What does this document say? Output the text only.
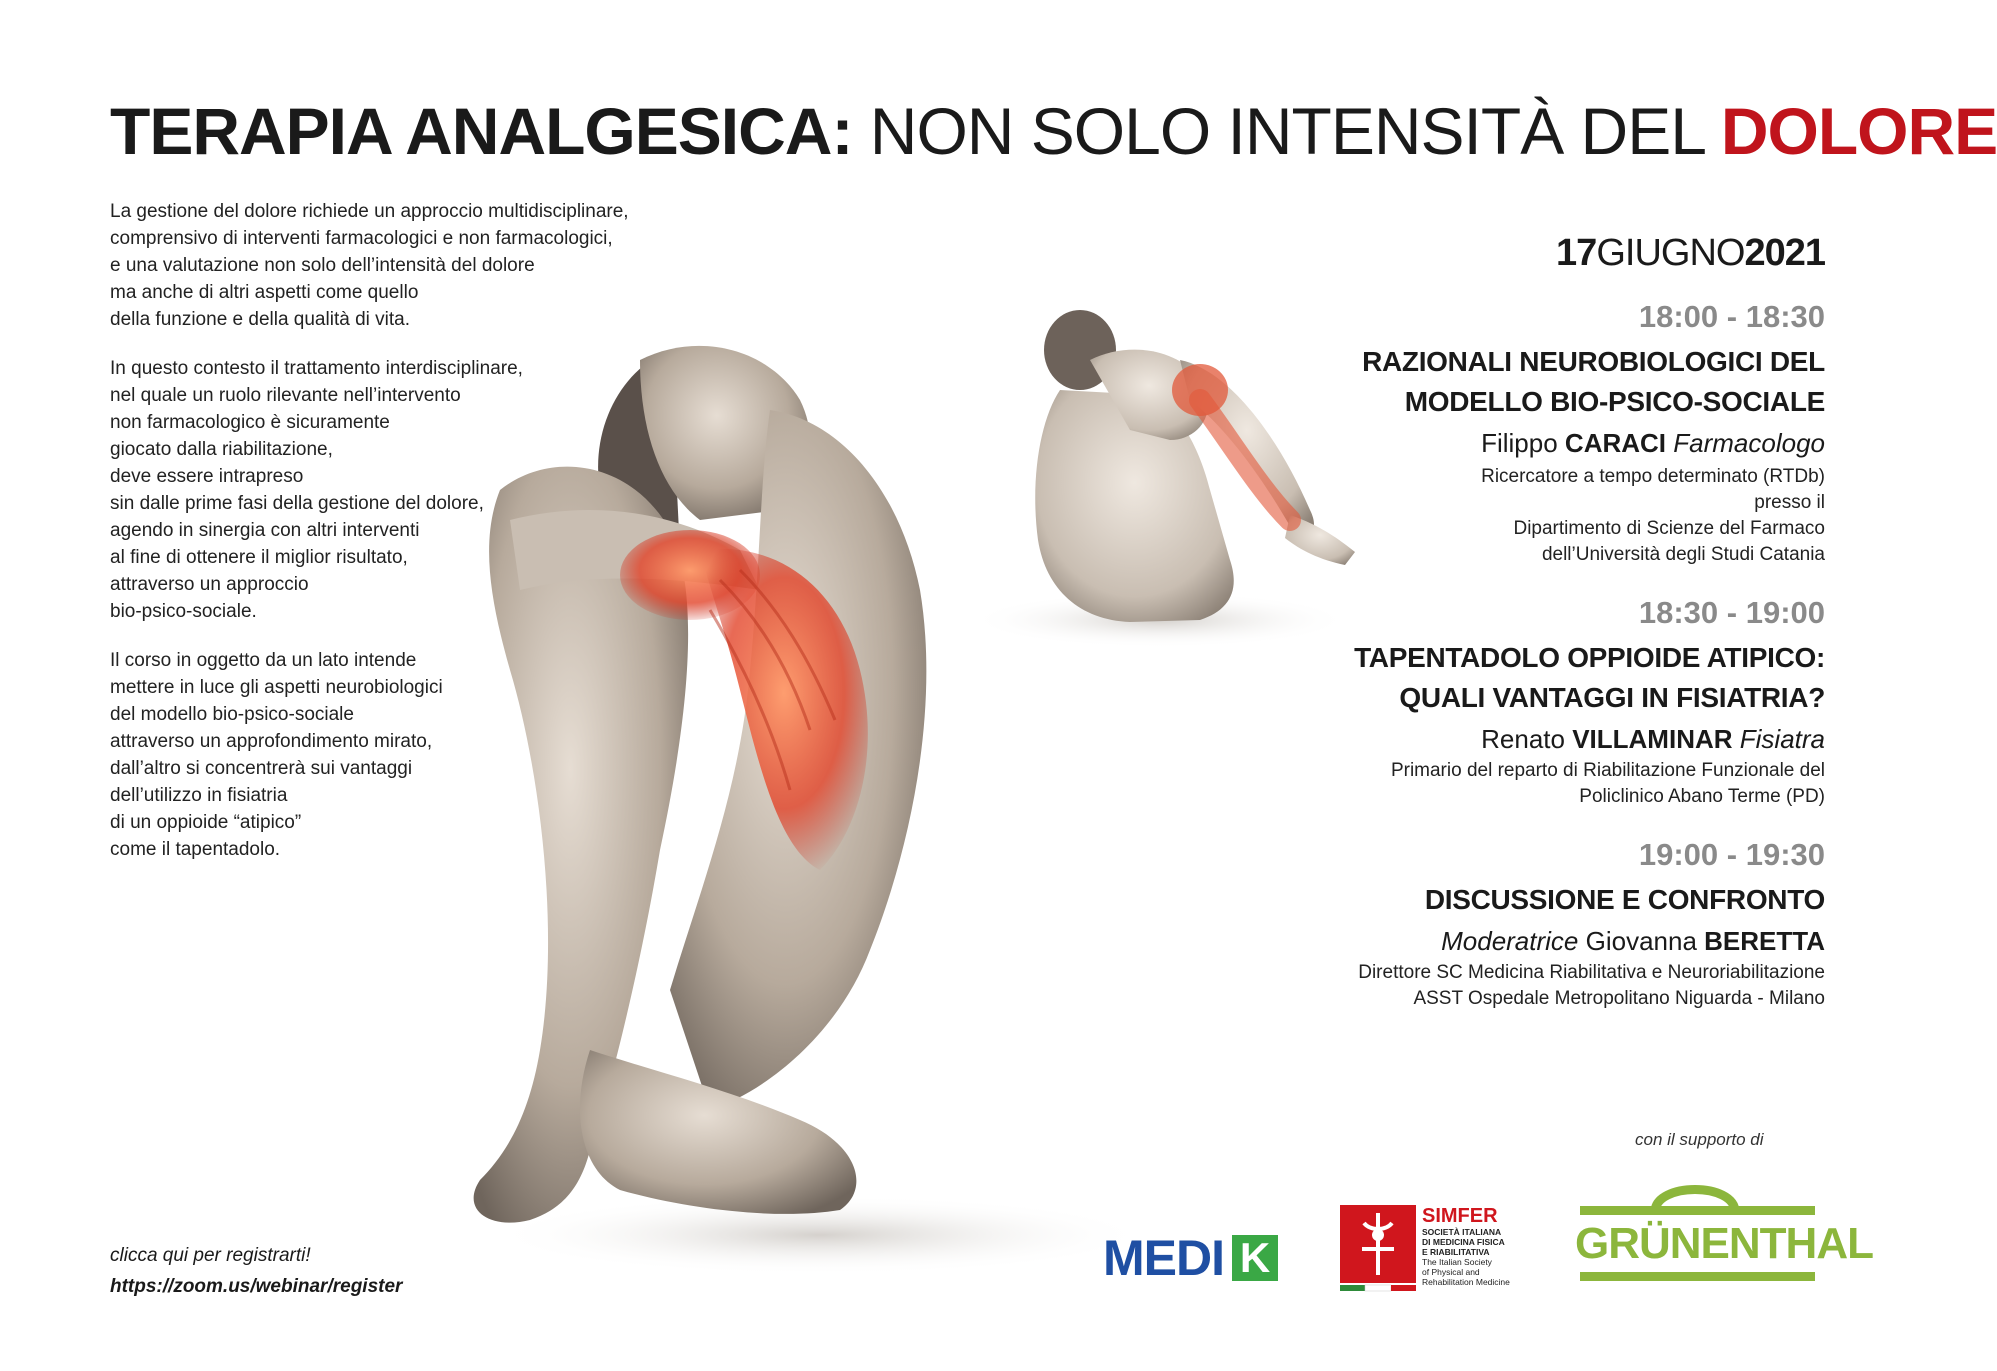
TERAPIA ANALGESICA: NON SOLO INTENSITÀ DEL DOLORE

La gestione del dolore richiede un approccio multidisciplinare,
comprensivo di interventi farmacologici e non farmacologici,
e una valutazione non solo dell’intensità del dolore
ma anche di altri aspetti come quello
della funzione e della qualità di vita.

In questo contesto il trattamento interdisciplinare,
nel quale un ruolo rilevante nell’intervento
non farmacologico è sicuramente
giocato dalla riabilitazione,
deve essere intrapreso
sin dalle prime fasi della gestione del dolore,
agendo in sinergia con altri interventi
al fine di ottenere il miglior risultato,
attraverso un approccio
bio-psico-sociale.

Il corso in oggetto da un lato intende
mettere in luce gli aspetti neurobiologici
del modello bio-psico-sociale
attraverso un approfondimento mirato,
dall’altro si concentrerà sui vantaggi
dell’utilizzo in fisiatria
di un oppioide “atipico”
come il tapentadolo.

17GIUGNO2021
18:00 - 18:30
RAZIONALI NEUROBIOLOGICI DEL
MODELLO BIO-PSICO-SOCIALE
Filippo CARACI Farmacologo
Ricercatore a tempo determinato (RTDb)
presso il
Dipartimento di Scienze del Farmaco
dell’Università degli Studi Catania
18:30 - 19:00
TAPENTADOLO OPPIOIDE ATIPICO:
QUALI VANTAGGI IN FISIATRIA?
Renato VILLAMINAR Fisiatra
Primario del reparto di Riabilitazione Funzionale del
Policlinico Abano Terme (PD)
19:00 - 19:30
DISCUSSIONE E CONFRONTO
Moderatrice Giovanna BERETTA
Direttore SC Medicina Riabilitativa e Neuroriabilitazione
ASST Ospedale Metropolitano Niguarda - Milano
clicca qui per registrarti!
https://zoom.us/webinar/register
con il supporto di
MEDI K
SIMFER
SOCIETÀ ITALIANA
DI MEDICINA FISICA
E RIABILITATIVA
The Italian Society
of Physical and
Rehabilitation Medicine
GRÜNENTHAL
